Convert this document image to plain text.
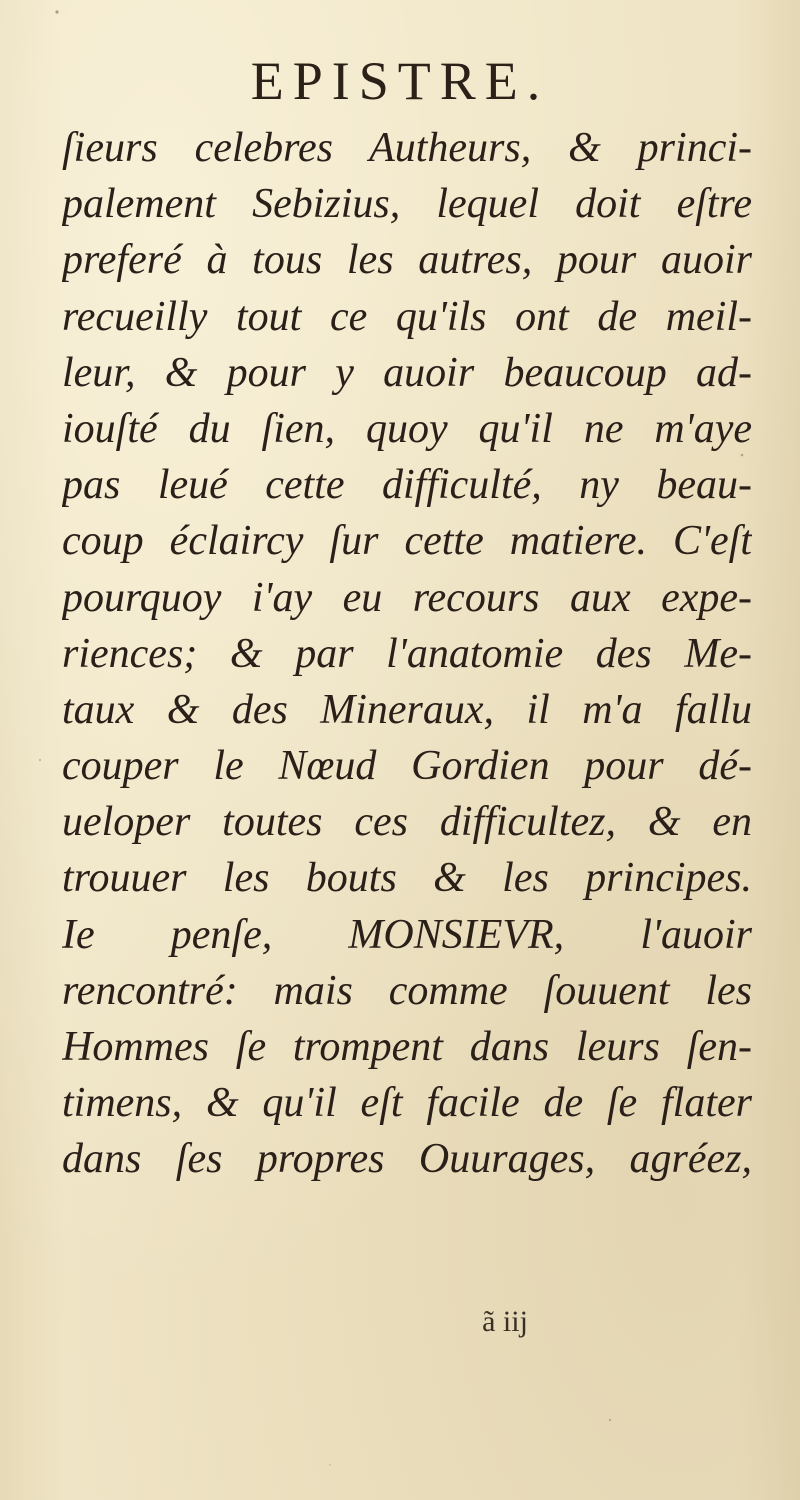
EPISTRE.
ſieurs celebres Autheurs, & princi-
palement Sebizius, lequel doit eſtre
preferé à tous les autres, pour auoir
recueilly tout ce qu'ils ont de meil-
leur, & pour y auoir beaucoup ad-
iouſté du ſien, quoy qu'il ne m'aye
pas leué cette difficulté, ny beau-
coup éclaircy ſur cette matiere. C'eſt
pourquoy i'ay eu recours aux expe-
riences; & par l'anatomie des Me-
taux & des Mineraux, il m'a fallu
couper le Nœud Gordien pour dé-
ueloper toutes ces difficultez, & en
trouuer les bouts & les principes.
Ie penſe, MONSIEVR, l'auoir
rencontré: mais comme ſouuent les
Hommes ſe trompent dans leurs ſen-
timens, & qu'il eſt facile de ſe flater
dans ſes propres Ouurages, agréez,
ã iij
